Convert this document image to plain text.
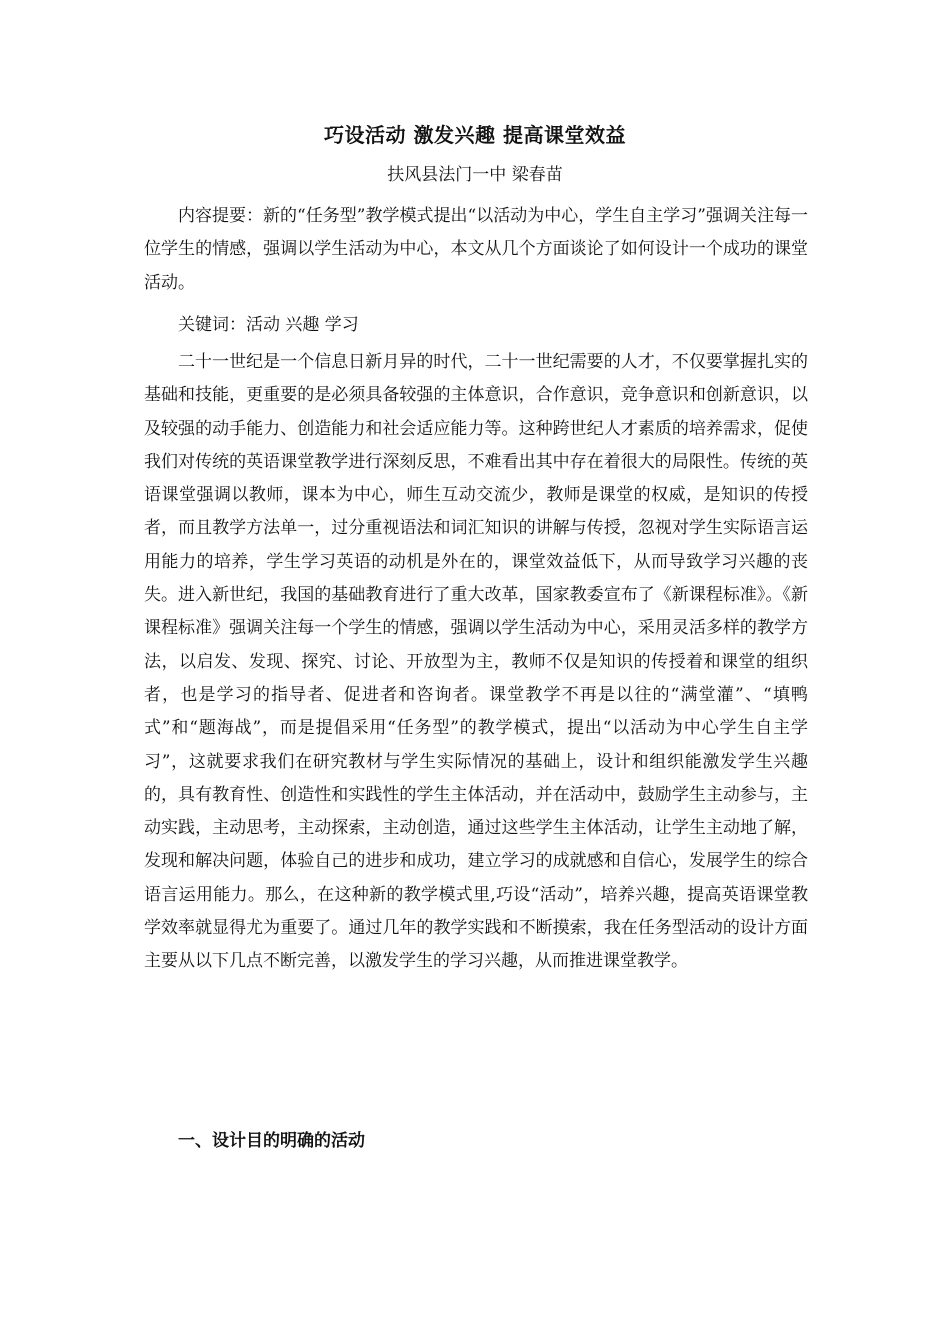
巧设活动 激发兴趣 提高课堂效益
扶风县法门一中 梁春苗

内容提要：新的“任务型”教学模式提出“以活动为中心，学生自主学习”强调关注每一位学生的情感，强调以学生活动为中心，本文从几个方面谈论了如何设计一个成功的课堂活动。

关键词：活动 兴趣 学习

二十一世纪是一个信息日新月异的时代，二十一世纪需要的人才，不仅要掌握扎实的基础和技能，更重要的是必须具备较强的主体意识，合作意识，竞争意识和创新意识，以及较强的动手能力、创造能力和社会适应能力等。这种跨世纪人才素质的培养需求，促使我们对传统的英语课堂教学进行深刻反思，不难看出其中存在着很大的局限性。传统的英语课堂强调以教师，课本为中心，师生互动交流少，教师是课堂的权威，是知识的传授者，而且教学方法单一，过分重视语法和词汇知识的讲解与传授，忽视对学生实际语言运用能力的培养，学生学习英语的动机是外在的，课堂效益低下，从而导致学习兴趣的丧失。进入新世纪，我国的基础教育进行了重大改革，国家教委宣布了《新课程标准》。《新课程标准》强调关注每一个学生的情感，强调以学生活动为中心，采用灵活多样的教学方法，以启发、发现、探究、讨论、开放型为主，教师不仅是知识的传授着和课堂的组织者，也是学习的指导者、促进者和咨询者。课堂教学不再是以往的“满堂灌”、“填鸭式”和“题海战”，而是提倡采用“任务型”的教学模式，提出“以活动为中心学生自主学习”，这就要求我们在研究教材与学生实际情况的基础上，设计和组织能激发学生兴趣的，具有教育性、创造性和实践性的学生主体活动，并在活动中，鼓励学生主动参与，主动实践，主动思考，主动探索，主动创造，通过这些学生主体活动，让学生主动地了解，发现和解决问题，体验自己的进步和成功，建立学习的成就感和自信心，发展学生的综合语言运用能力。那么，在这种新的教学模式里,巧设“活动”，培养兴趣，提高英语课堂教学效率就显得尤为重要了。通过几年的教学实践和不断摸索，我在任务型活动的设计方面主要从以下几点不断完善，以激发学生的学习兴趣，从而推进课堂教学。

一、设计目的明确的活动
